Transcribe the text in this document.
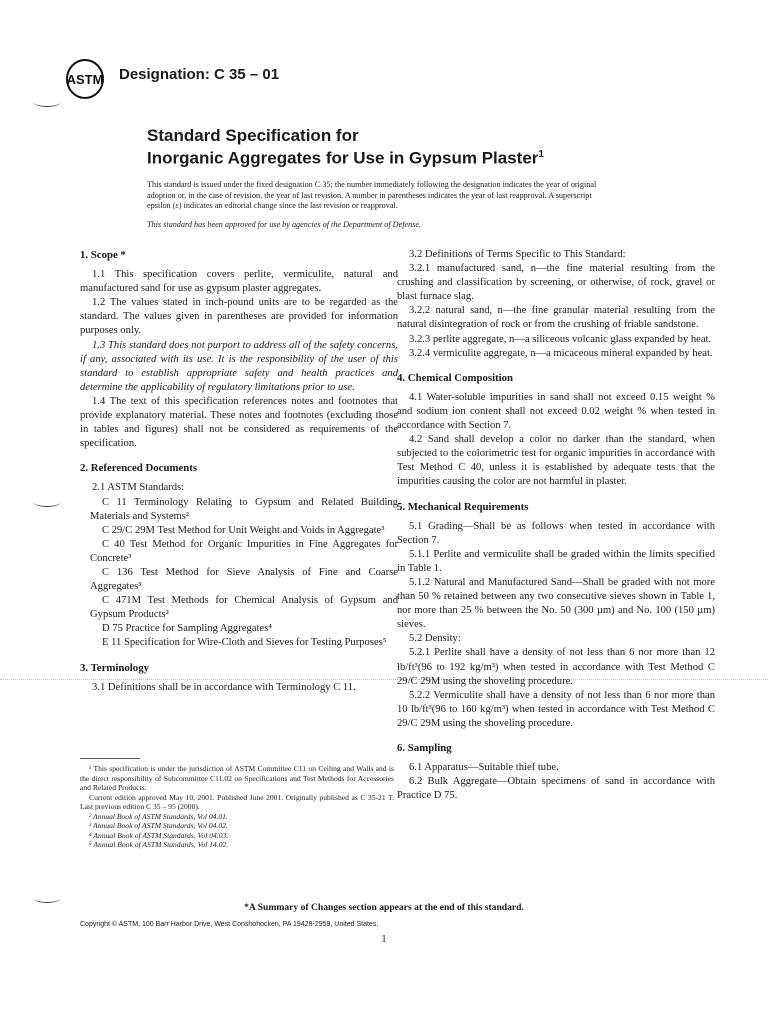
ASTM Designation: C 35 – 01
Standard Specification for
Inorganic Aggregates for Use in Gypsum Plaster$^1$
This standard is issued under the fixed designation C 35; the number immediately following the designation indicates the year of original adoption or, in the case of revision, the year of last revision. A number in parentheses indicates the year of last reapproval. A superscript epsilon (ε) indicates an editorial change since the last revision or reapproval.
This standard has been approved for use by agencies of the Department of Defense.
1. Scope *

1.1 This specification covers perlite, vermiculite, natural and manufactured sand for use as gypsum plaster aggregates.

1.2 The values stated in inch-pound units are to be regarded as the standard. The values given in parentheses are provided for information purposes only.

1.3 This standard does not purport to address all of the safety concerns, if any, associated with its use. It is the responsibility of the user of this standard to establish appropriate safety and health practices and determine the applicability of regulatory limitations prior to use.

1.4 The text of this specification references notes and footnotes that provide explanatory material. These notes and footnotes (excluding those in tables and figures) shall not be considered as requirements of the specification.

2. Referenced Documents

2.1 ASTM Standards:

C 11 Terminology Relating to Gypsum and Related Building Materials and Systems²

C 29/C 29M Test Method for Unit Weight and Voids in Aggregate³

C 40 Test Method for Organic Impurities in Fine Aggregates for Concrete³

C 136 Test Method for Sieve Analysis of Fine and Coarse Aggregates³

C 471M Test Methods for Chemical Analysis of Gypsum and Gypsum Products²

D 75 Practice for Sampling Aggregates⁴

E 11 Specification for Wire-Cloth and Sieves for Testing Purposes⁵

3. Terminology

3.1 Definitions shall be in accordance with Terminology C 11.

¹ This specification is under the jurisdiction of ASTM Committee C11 on Ceiling and Walls and is the direct responsibility of Subcommittee C11.02 on Specifications and Test Methods for Accessories and Related Products.

Current edition approved May 10, 2001. Published June 2001. Originally published as C 35-21 T. Last previous edition C 35 – 95 (2000).

² Annual Book of ASTM Standards, Vol 04.01.

³ Annual Book of ASTM Standards, Vol 04.02.

⁴ Annual Book of ASTM Standards, Vol 04.03.

⁵ Annual Book of ASTM Standards, Vol 14.02.

3.2 Definitions of Terms Specific to This Standard:

3.2.1 manufactured sand, n—the fine material resulting from the crushing and classification by screening, or otherwise, of rock, gravel or blast furnace slag.

3.2.2 natural sand, n—the fine granular material resulting from the natural disintegration of rock or from the crushing of friable sandstone.

3.2.3 perlite aggregate, n—a siliceous volcanic glass expanded by heat.

3.2.4 vermiculite aggregate, n—a micaceous mineral expanded by heat.

4. Chemical Composition

4.1 Water-soluble impurities in sand shall not exceed 0.15 weight % and sodium ion content shall not exceed 0.02 weight % when tested in accordance with Section 7.

4.2 Sand shall develop a color no darker than the standard, when subjected to the colorimetric test for organic impurities in accordance with Test Method C 40, unless it is established by adequate tests that the impurities causing the color are not harmful in plaster.

5. Mechanical Requirements

5.1 Grading—Shall be as follows when tested in accordance with Section 7.

5.1.1 Perlite and vermiculite shall be graded within the limits specified in Table 1.

5.1.2 Natural and Manufactured Sand—Shall be graded with not more than 50 % retained between any two consecutive sieves shown in Table 1, nor more than 25 % between the No. 50 (300 µm) and No. 100 (150 µm) sieves.

5.2 Density:

5.2.1 Perlite shall have a density of not less than 6 nor more than 12 lb/ft³(96 to 192 kg/m³) when tested in accordance with Test Method C 29/C 29M using the shoveling procedure.

5.2.2 Vermiculite shall have a density of not less than 6 nor more than 10 lb/ft³(96 to 160 kg/m³) when tested in accordance with Test Method C 29/C 29M using the shoveling procedure.

6. Sampling

6.1 Apparatus—Suitable thief tube.

6.2 Bulk Aggregate—Obtain specimens of sand in accordance with Practice D 75.

*A Summary of Changes section appears at the end of this standard.
Copyright © ASTM, 100 Barr Harbor Drive, West Conshohocken, PA 19428-2959, United States.
1
